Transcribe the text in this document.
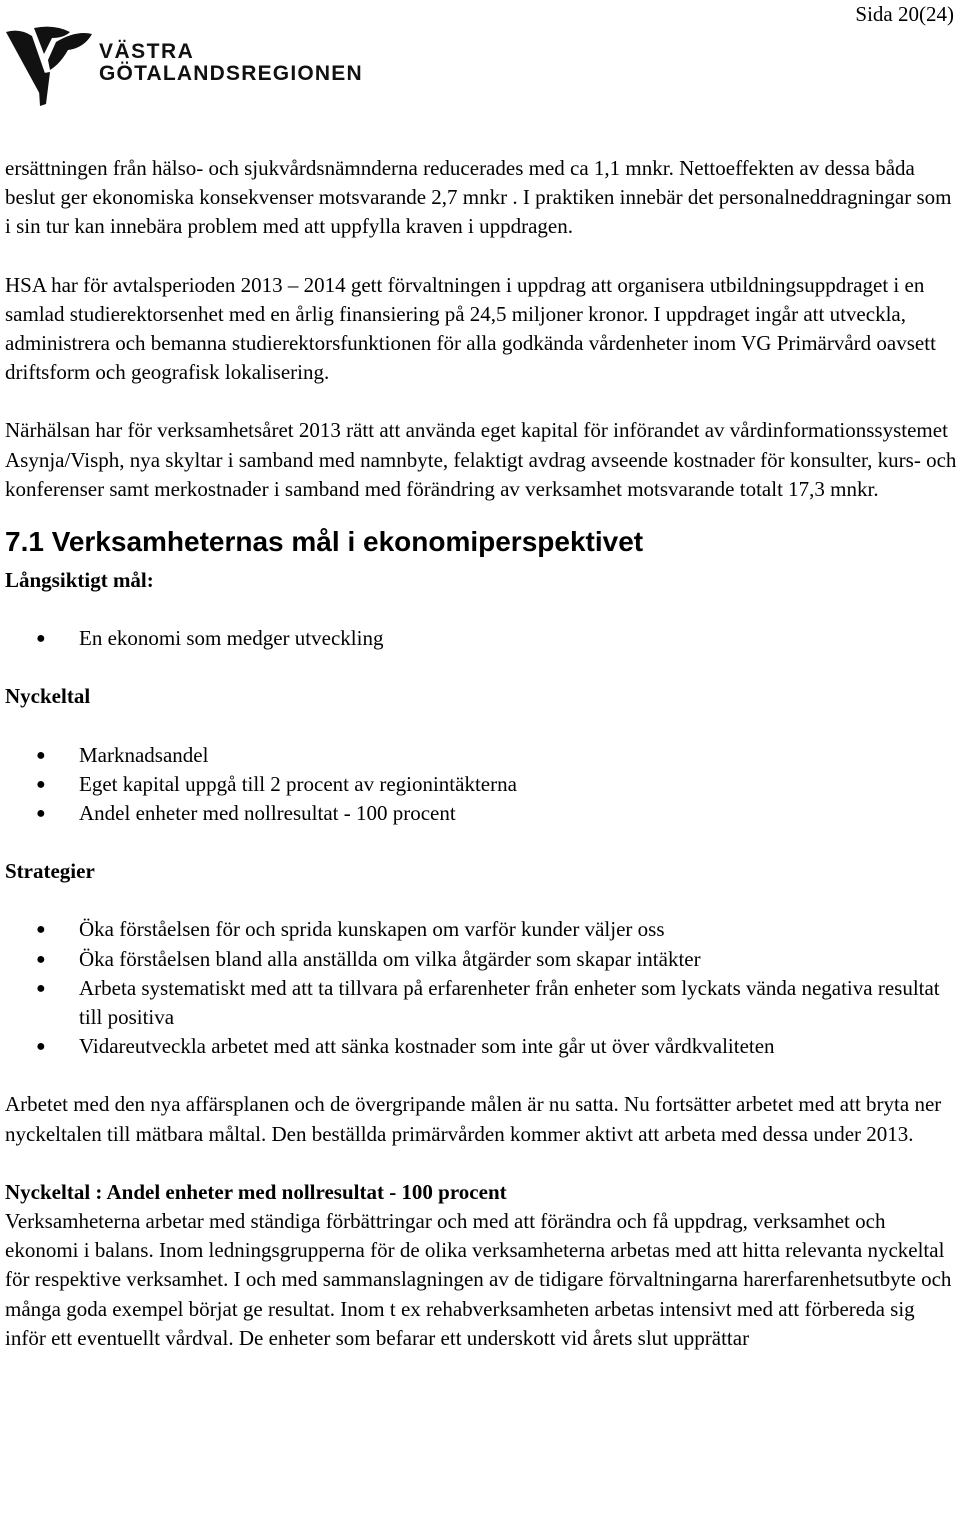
Sida 20(24)
VÄSTRA
GÖTALANDSREGIONEN

ersättningen från hälso- och sjukvårdsnämnderna reducerades med ca 1,1 mnkr. Nettoeffekten av dessa båda beslut ger ekonomiska konsekvenser motsvarande 2,7 mnkr . I praktiken innebär det personalneddragningar som i sin tur kan innebära problem med att uppfylla kraven i uppdragen.

HSA har för avtalsperioden 2013 – 2014 gett förvaltningen i uppdrag att organisera utbildningsuppdraget i en samlad studierektorsenhet med en årlig finansiering på 24,5 miljoner kronor. I uppdraget ingår att utveckla, administrera och bemanna studierektorsfunktionen för alla godkända vårdenheter inom VG Primärvård oavsett driftsform och geografisk lokalisering.

Närhälsan har för verksamhetsåret 2013 rätt att använda eget kapital för införandet av vårdinformationssystemet Asynja/Visph, nya skyltar i samband med namnbyte, felaktigt avdrag avseende kostnader för konsulter, kurs- och konferenser samt merkostnader i samband med förändring av verksamhet motsvarande totalt 17,3 mnkr.

7.1 Verksamheternas mål i ekonomiperspektivet

Långsiktigt mål:

● En ekonomi som medger utveckling

Nyckeltal

● Marknadsandel
● Eget kapital uppgå till 2 procent av regionintäkterna
● Andel enheter med nollresultat - 100 procent

Strategier

● Öka förståelsen för och sprida kunskapen om varför kunder väljer oss
● Öka förståelsen bland alla anställda om vilka åtgärder som skapar intäkter
● Arbeta systematiskt med att ta tillvara på erfarenheter från enheter som lyckats vända negativa resultat till positiva
● Vidareutveckla arbetet med att sänka kostnader som inte går ut över vårdkvaliteten

Arbetet med den nya affärsplanen och de övergripande målen är nu satta. Nu fortsätter arbetet med att bryta ner nyckeltalen till mätbara måltal. Den beställda primärvården kommer aktivt att arbeta med dessa under 2013.

Nyckeltal : Andel enheter med nollresultat - 100 procent

Verksamheterna arbetar med ständiga förbättringar och med att förändra och få uppdrag, verksamhet och ekonomi i balans. Inom ledningsgrupperna för de olika verksamheterna arbetas med att hitta relevanta nyckeltal för respektive verksamhet. I och med sammanslagningen av de tidigare förvaltningarna harerfarenhetsutbyte och många goda exempel börjat ge resultat. Inom t ex rehabverksamheten arbetas intensivt med att förbereda sig inför ett eventuellt vårdval. De enheter som befarar ett underskott vid årets slut upprättar
